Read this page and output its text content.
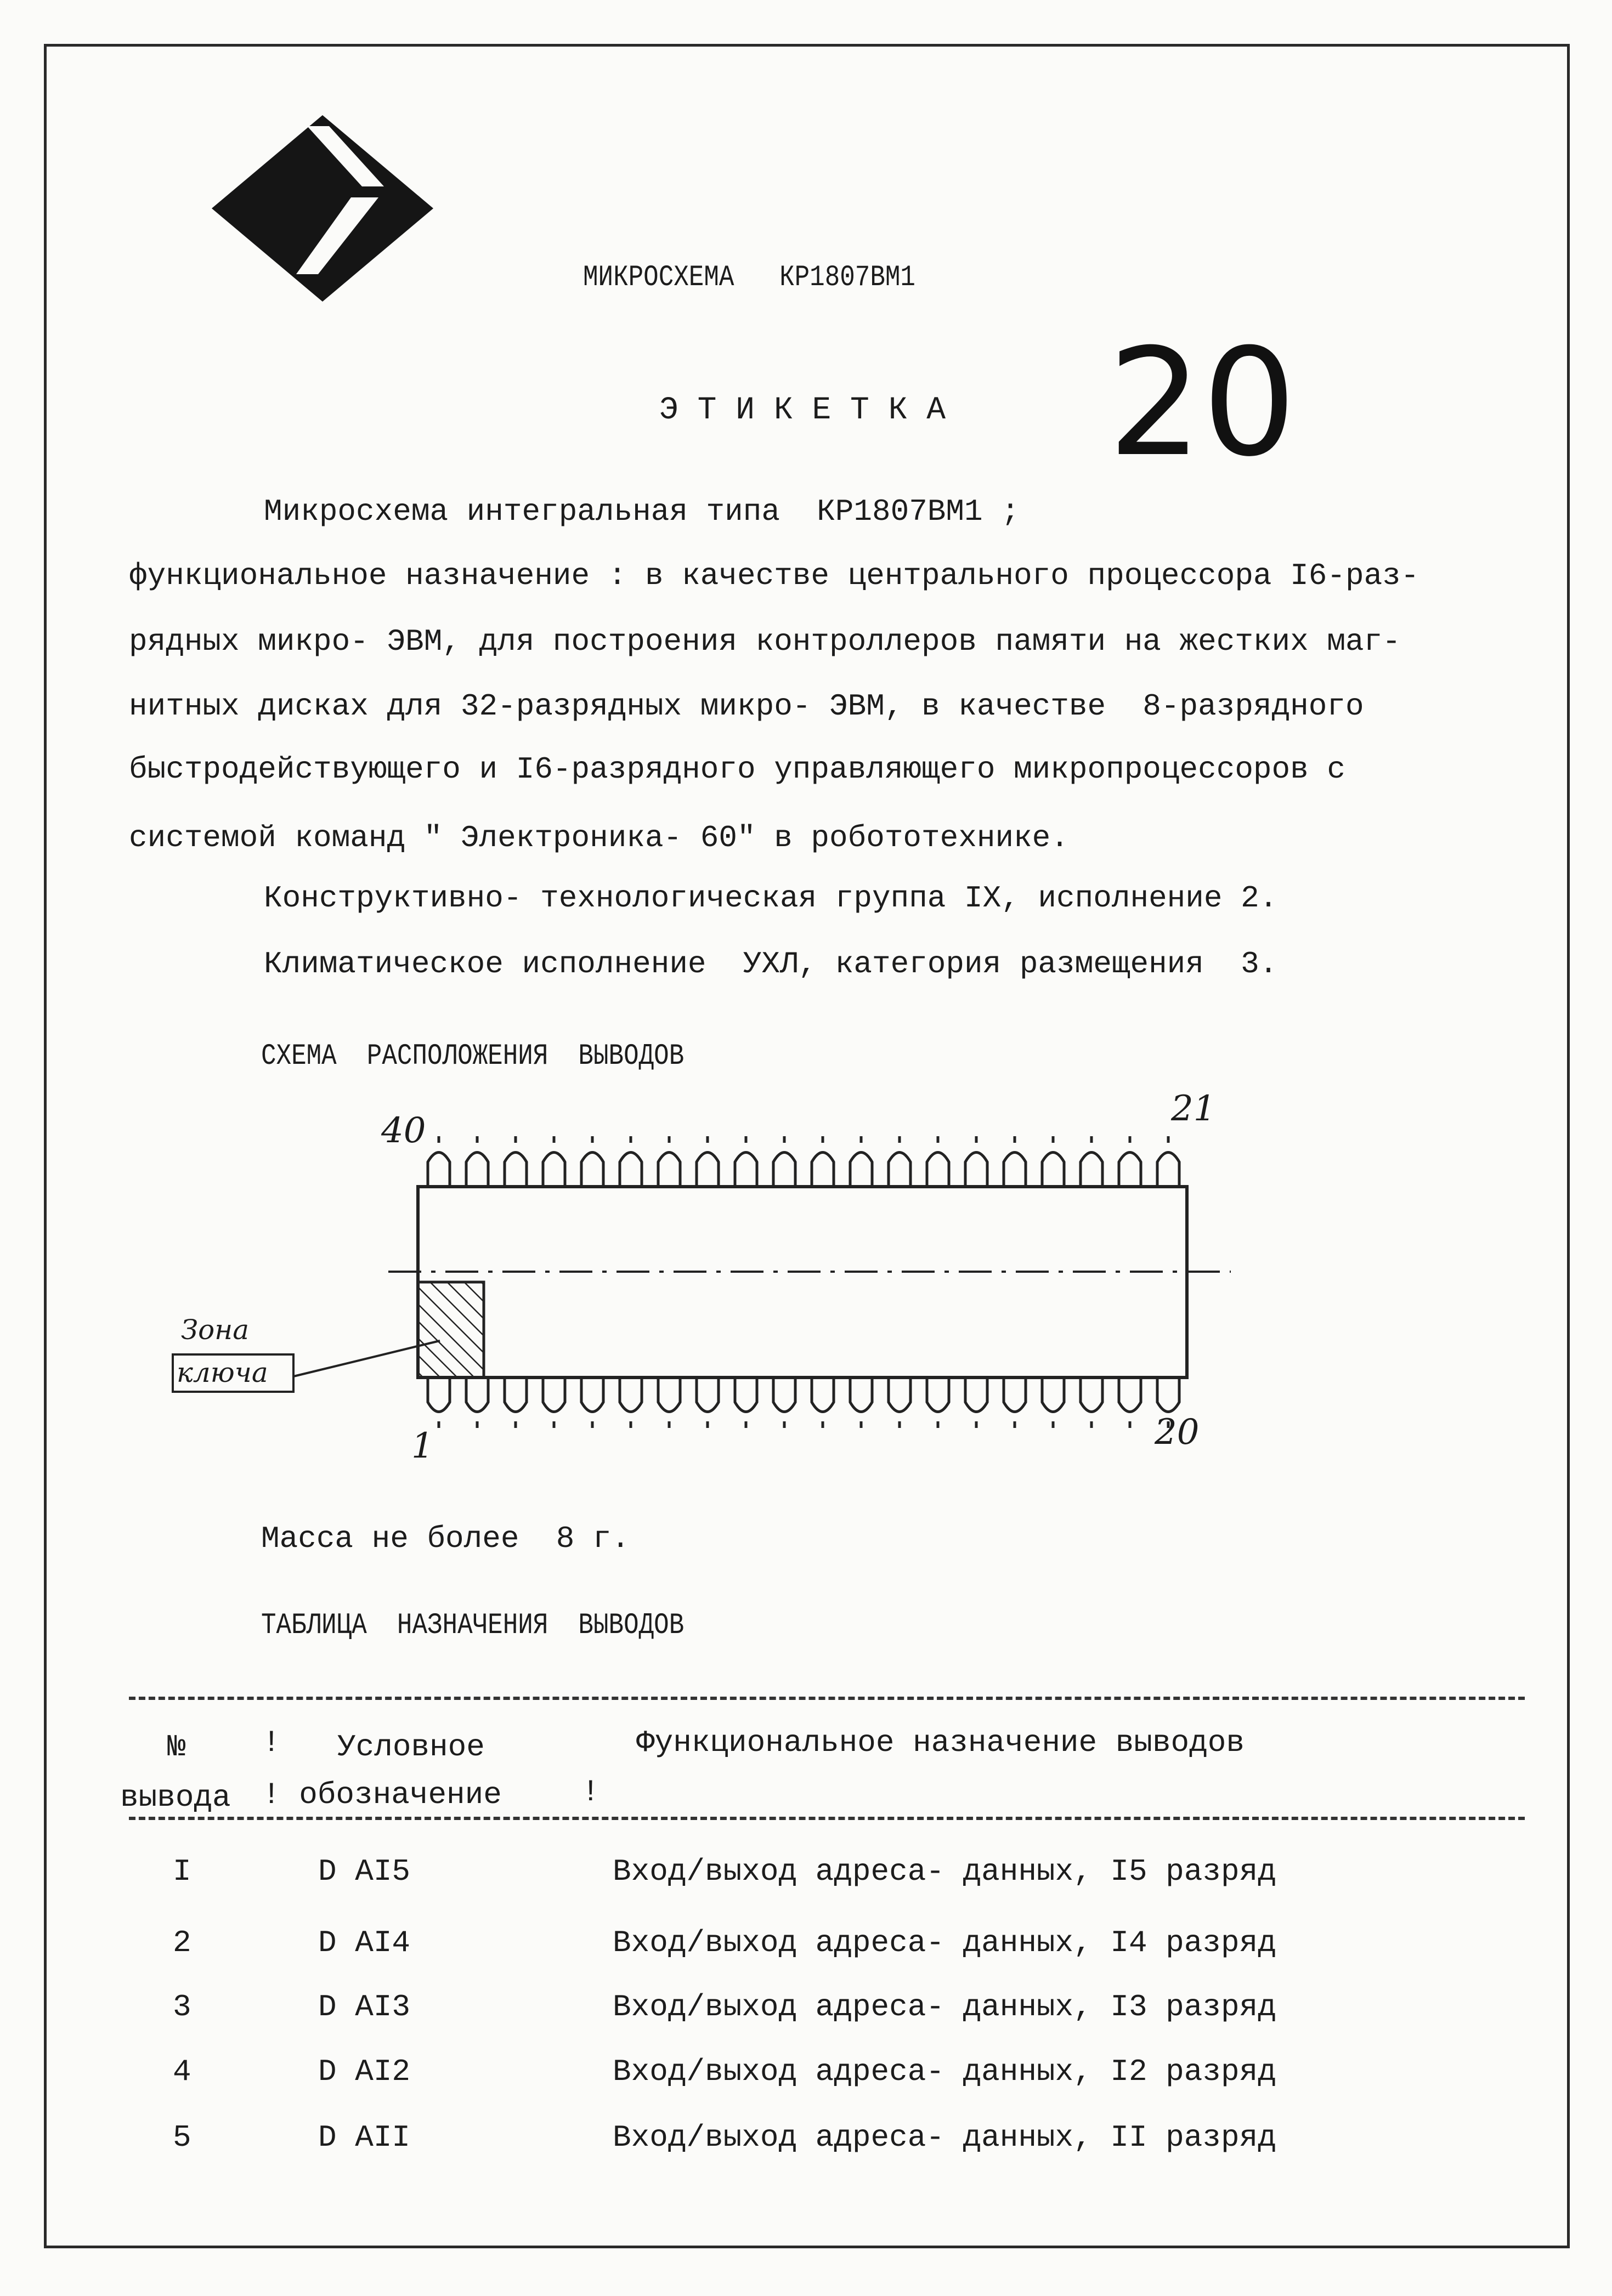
МИКРОСХЕМА   КР1807ВМ1
Э Т И К Е Т К А 20
Микросхема интегральная типа  КР1807ВМ1 ;
функциональное назначение : в качестве центрального процессора I6-раз-
рядных микро- ЭВМ, для построения контроллеров памяти на жестких маг-
нитных дисках для 32-разрядных микро- ЭВМ, в качестве  8-разрядного
быстродействующего и I6-разрядного управляющего микропроцессоров с
системой команд " Электроника- 60" в робототехнике.
Конструктивно- технологическая группа IX, исполнение 2.
Климатическое исполнение  УХЛ, категория размещения  3.
СХЕМА  РАСПОЛОЖЕНИЯ  ВЫВОДОВ
40
21
1	20
Зона
ключа
Масса не более  8 г.
ТАБЛИЦА  НАЗНАЧЕНИЯ  ВЫВОДОВ
№ ! Условное	Функциональное назначение выводов
вывода ! обозначение	!
I	D AI5	Вход/выход адреса- данных, I5 разряд
2	D AI4	Вход/выход адреса- данных, I4 разряд
3	D AI3	Вход/выход адреса- данных, I3 разряд
4	D AI2	Вход/выход адреса- данных, I2 разряд
5	D AII	Вход/выход адреса- данных, II разряд
